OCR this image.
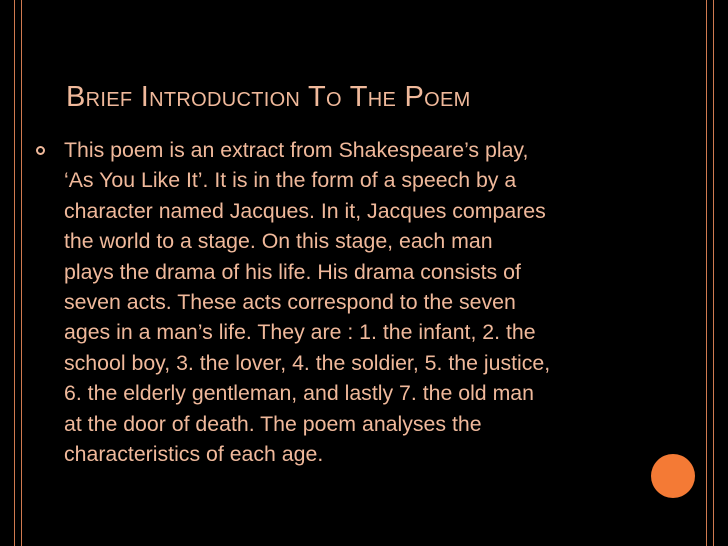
Brief Introduction To The Poem

This poem is an extract from Shakespeare’s play,
‘As You Like It’. It is in the form of a speech by a
character named Jacques. In it, Jacques compares
the world to a stage. On this stage, each man
plays the drama of his life. His drama consists of
seven acts. These acts correspond to the seven
ages in a man’s life. They are : 1. the infant, 2. the
school boy, 3. the lover, 4. the soldier, 5. the justice,
6. the elderly gentleman, and lastly 7. the old man
at the door of death. The poem analyses the
characteristics of each age.
